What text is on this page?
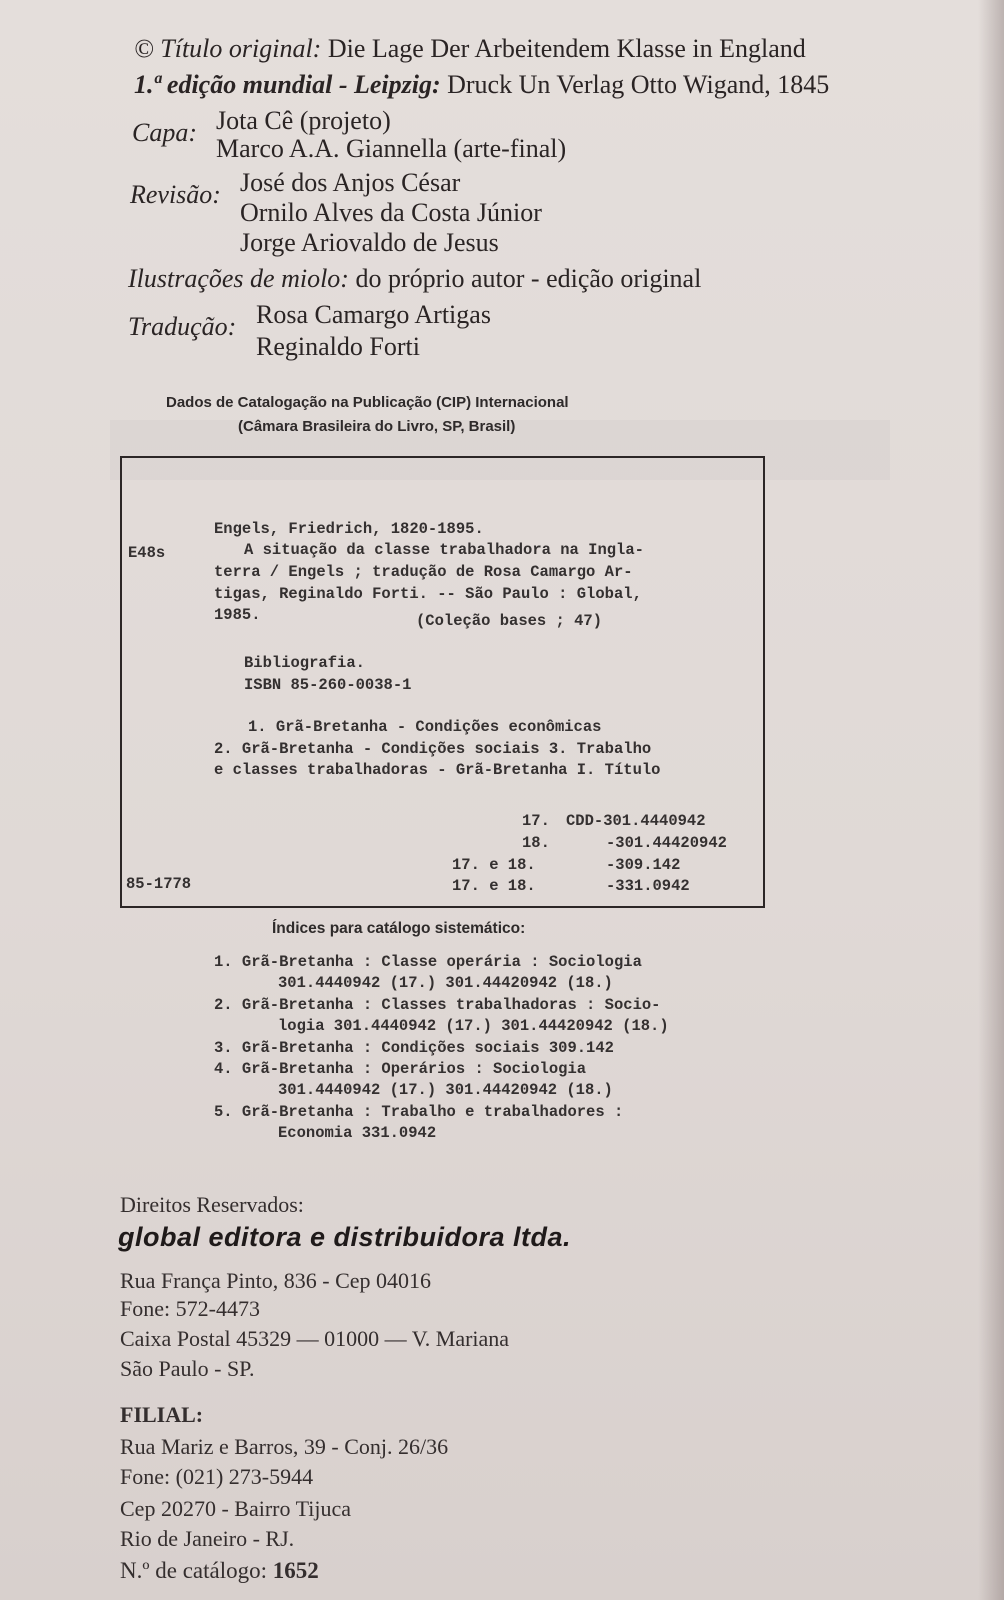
© Título original: Die Lage Der Arbeitendem Klasse in England
1.ª edição mundial - Leipzig: Druck Un Verlag Otto Wigand, 1845
Capa: Jota Cê (projeto)
Marco A.A. Giannella (arte-final)
Revisão: José dos Anjos César
Ornilo Alves da Costa Júnior
Jorge Ariovaldo de Jesus
Ilustrações de miolo: do próprio autor - edição original
Tradução: Rosa Camargo Artigas
Reginaldo Forti
Dados de Catalogação na Publicação (CIP) Internacional
(Câmara Brasileira do Livro, SP, Brasil)
E48s
Engels, Friedrich, 1820-1895.
A situação da classe trabalhadora na Ingla-
terra / Engels ; tradução de Rosa Camargo Ar-
tigas, Reginaldo Forti. -- São Paulo : Global,
1985.	(Coleção bases ; 47)
Bibliografia.
ISBN 85-260-0038-1
1. Grã-Bretanha - Condições econômicas
2. Grã-Bretanha - Condições sociais 3. Trabalho
e classes trabalhadoras - Grã-Bretanha I. Título
17. CDD-301.4440942
18.	-301.44420942
17. e 18.	-309.142
17. e 18.	-331.0942
85-1778
Índices para catálogo sistemático:
1. Grã-Bretanha : Classe operária : Sociologia
301.4440942 (17.) 301.44420942 (18.)
2. Grã-Bretanha : Classes trabalhadoras : Socio-
logia 301.4440942 (17.) 301.44420942 (18.)
3. Grã-Bretanha : Condições sociais 309.142
4. Grã-Bretanha : Operários : Sociologia
301.4440942 (17.) 301.44420942 (18.)
5. Grã-Bretanha : Trabalho e trabalhadores :
Economia 331.0942
Direitos Reservados:
global editora e distribuidora ltda.
Rua França Pinto, 836 - Cep 04016
Fone: 572-4473
Caixa Postal 45329 — 01000 — V. Mariana
São Paulo - SP.
FILIAL:
Rua Mariz e Barros, 39 - Conj. 26/36
Fone: (021) 273-5944
Cep 20270 - Bairro Tijuca
Rio de Janeiro - RJ.
N.º de catálogo: 1652
